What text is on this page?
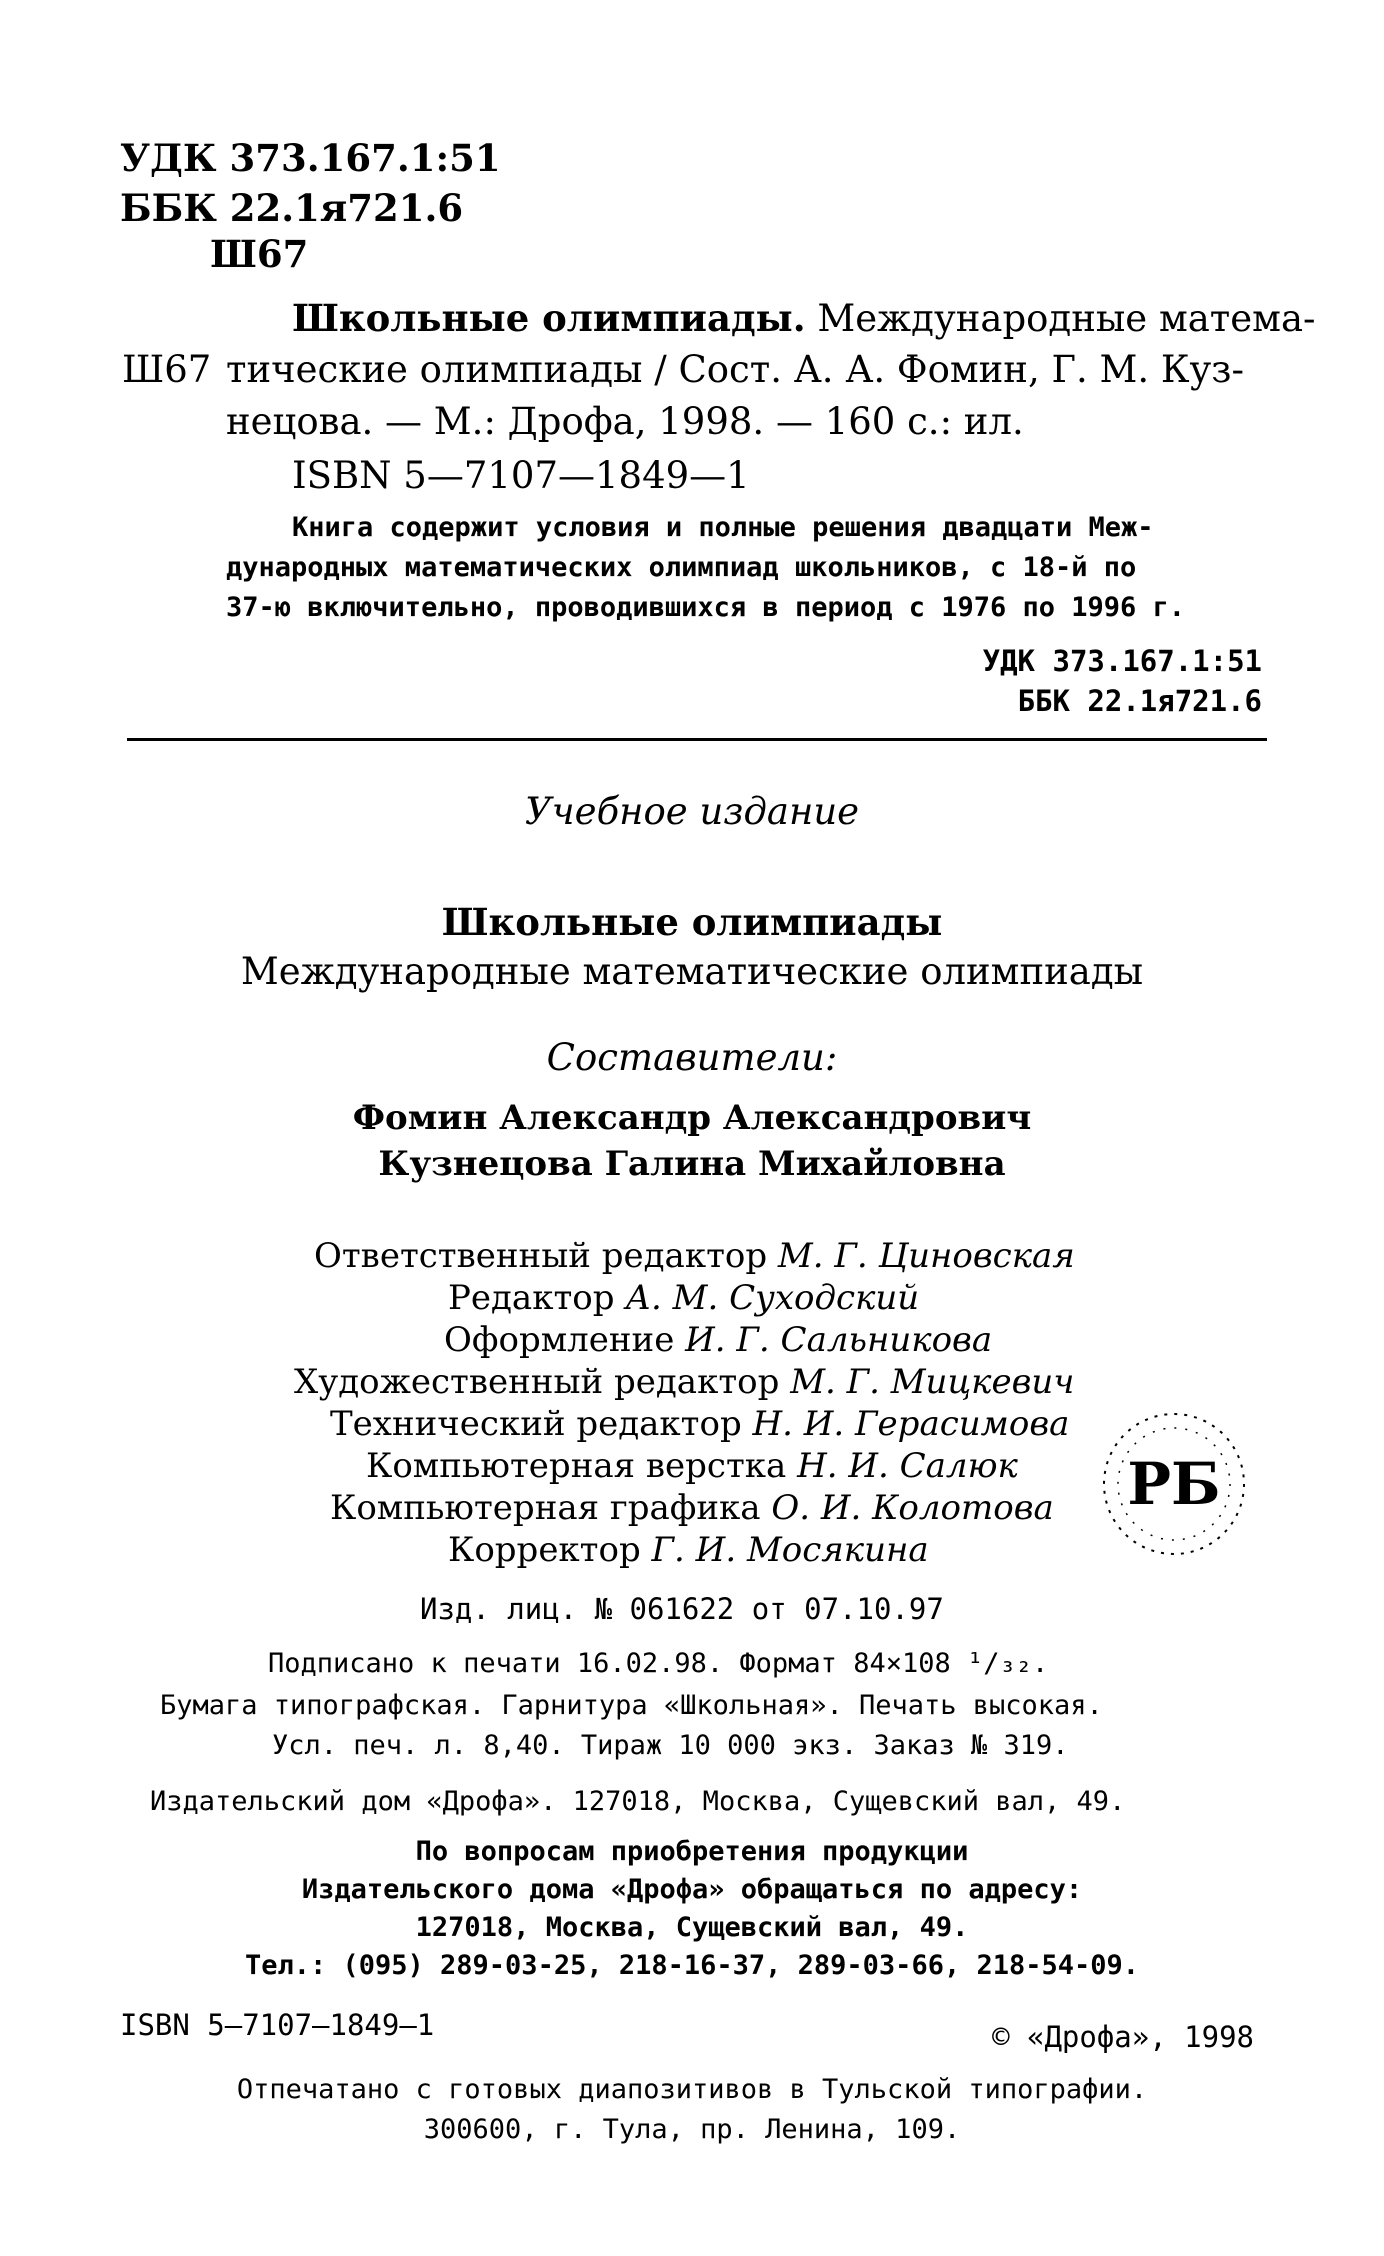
УДК 373.167.1:51
ББК 22.1я721.6
Ш67
Школьные олимпиады. Международные матема-
Ш67 тические олимпиады / Сост. А. А. Фомин, Г. М. Куз-
нецова. — М.: Дрофа, 1998. — 160 с.: ил.
ISBN 5—7107—1849—1
Книга содержит условия и полные решения двадцати Меж-
дународных математических олимпиад школьников, с 18-й по
37-ю включительно, проводившихся в период с 1976 по 1996 г.
УДК 373.167.1:51
ББК 22.1я721.6
Учебное издание
Школьные олимпиады
Международные математические олимпиады
Составители:
Фомин Александр Александрович
Кузнецова Галина Михайловна
Ответственный редактор М. Г. Циновская
Редактор А. М. Суходский
Оформление И. Г. Сальникова
Художественный редактор М. Г. Мицкевич
Технический редактор Н. И. Герасимова
Компьютерная верстка Н. И. Салюк
Компьютерная графика О. И. Колотова
Корректор Г. И. Мосякина
РБ
Изд. лиц. № 061622 от 07.10.97
Подписано к печати 16.02.98. Формат 84×108 ¹/₃₂.
Бумага типографская. Гарнитура «Школьная». Печать высокая.
Усл. печ. л. 8,40. Тираж 10 000 экз. Заказ № 319.
Издательский дом «Дрофа». 127018, Москва, Сущевский вал, 49.
По вопросам приобретения продукции
Издательского дома «Дрофа» обращаться по адресу:
127018, Москва, Сущевский вал, 49.
Тел.: (095) 289-03-25, 218-16-37, 289-03-66, 218-54-09.
ISBN 5—7107—1849—1	© «Дрофа», 1998
Отпечатано с готовых диапозитивов в Тульской типографии.
300600, г. Тула, пр. Ленина, 109.
